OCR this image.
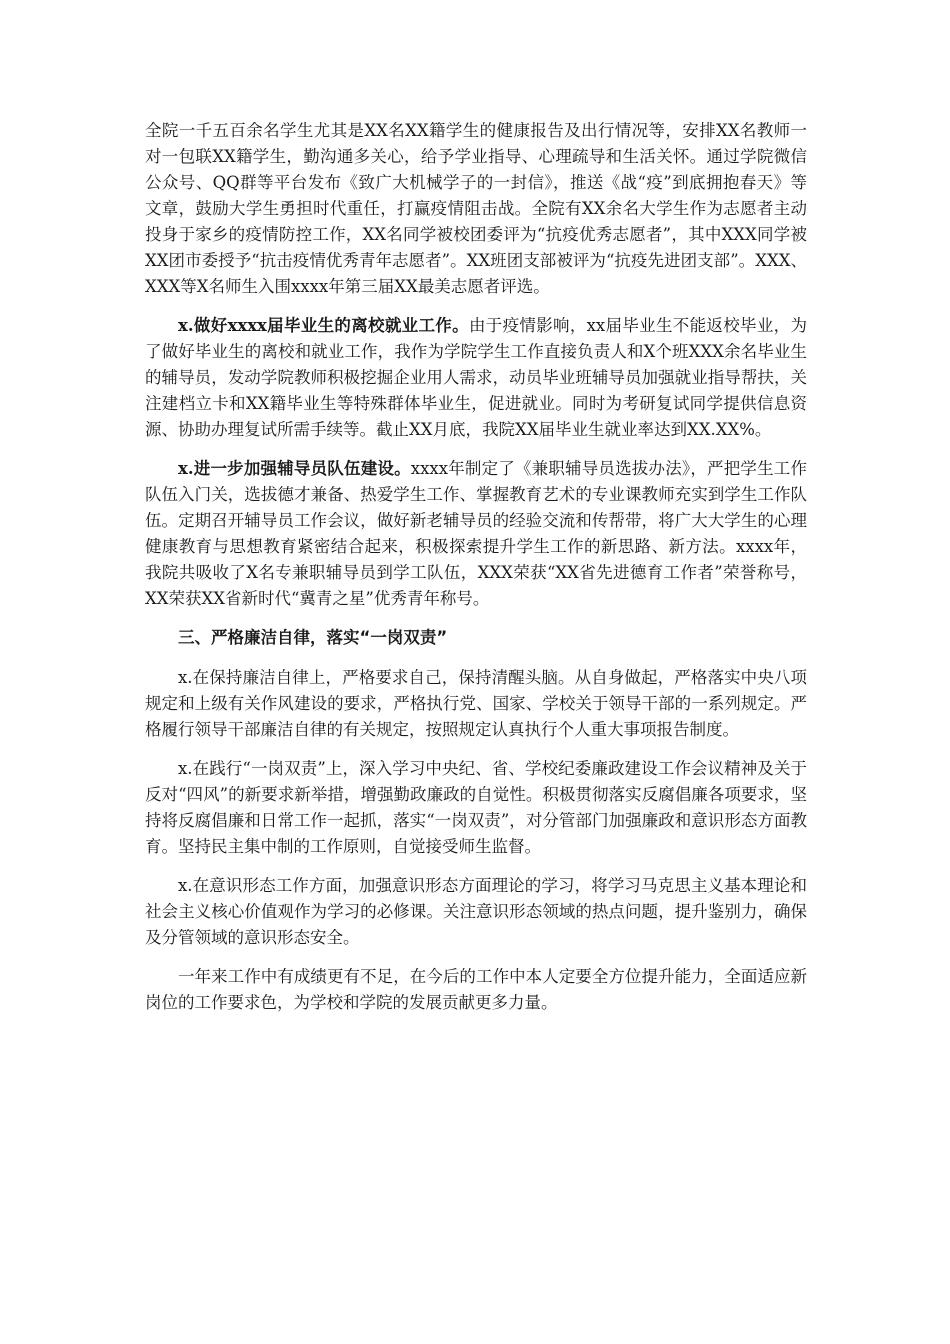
全院一千五百余名学生尤其是XX名XX籍学生的健康报告及出行情况等，安排XX名教师一对一包联XX籍学生，勤沟通多关心，给予学业指导、心理疏导和生活关怀。通过学院微信公众号、QQ群等平台发布《致广大机械学子的一封信》，推送《战“疫”到底拥抱春天》等文章，鼓励大学生勇担时代重任，打赢疫情阻击战。全院有XX余名大学生作为志愿者主动投身于家乡的疫情防控工作，XX名同学被校团委评为“抗疫优秀志愿者”，其中XXX同学被XX团市委授予“抗击疫情优秀青年志愿者”。XX班团支部被评为“抗疫先进团支部”。XXX、XXX等X名师生入围xxxx年第三届XX最美志愿者评选。

x.做好xxxx届毕业生的离校就业工作。由于疫情影响，xx届毕业生不能返校毕业，为了做好毕业生的离校和就业工作，我作为学院学生工作直接负责人和X个班XXX余名毕业生的辅导员，发动学院教师积极挖掘企业用人需求，动员毕业班辅导员加强就业指导帮扶，关注建档立卡和XX籍毕业生等特殊群体毕业生，促进就业。同时为考研复试同学提供信息资源、协助办理复试所需手续等。截止XX月底，我院XX届毕业生就业率达到XX.XX%。

x.进一步加强辅导员队伍建设。xxxx年制定了《兼职辅导员选拔办法》，严把学生工作队伍入门关，选拔德才兼备、热爱学生工作、掌握教育艺术的专业课教师充实到学生工作队伍。定期召开辅导员工作会议，做好新老辅导员的经验交流和传帮带，将广大大学生的心理健康教育与思想教育紧密结合起来，积极探索提升学生工作的新思路、新方法。xxxx年，我院共吸收了X名专兼职辅导员到学工队伍，XXX荣获“XX省先进德育工作者”荣誉称号，XX荣获XX省新时代“冀青之星”优秀青年称号。

三、严格廉洁自律，落实“一岗双责”

x.在保持廉洁自律上，严格要求自己，保持清醒头脑。从自身做起，严格落实中央八项规定和上级有关作风建设的要求，严格执行党、国家、学校关于领导干部的一系列规定。严格履行领导干部廉洁自律的有关规定，按照规定认真执行个人重大事项报告制度。

x.在践行“一岗双责”上，深入学习中央纪、省、学校纪委廉政建设工作会议精神及关于反对“四风”的新要求新举措，增强勤政廉政的自觉性。积极贯彻落实反腐倡廉各项要求，坚持将反腐倡廉和日常工作一起抓，落实“一岗双责”，对分管部门加强廉政和意识形态方面教育。坚持民主集中制的工作原则，自觉接受师生监督。

x.在意识形态工作方面，加强意识形态方面理论的学习，将学习马克思主义基本理论和社会主义核心价值观作为学习的必修课。关注意识形态领域的热点问题，提升鉴别力，确保及分管领域的意识形态安全。

一年来工作中有成绩更有不足，在今后的工作中本人定要全方位提升能力，全面适应新岗位的工作要求色，为学校和学院的发展贡献更多力量。
